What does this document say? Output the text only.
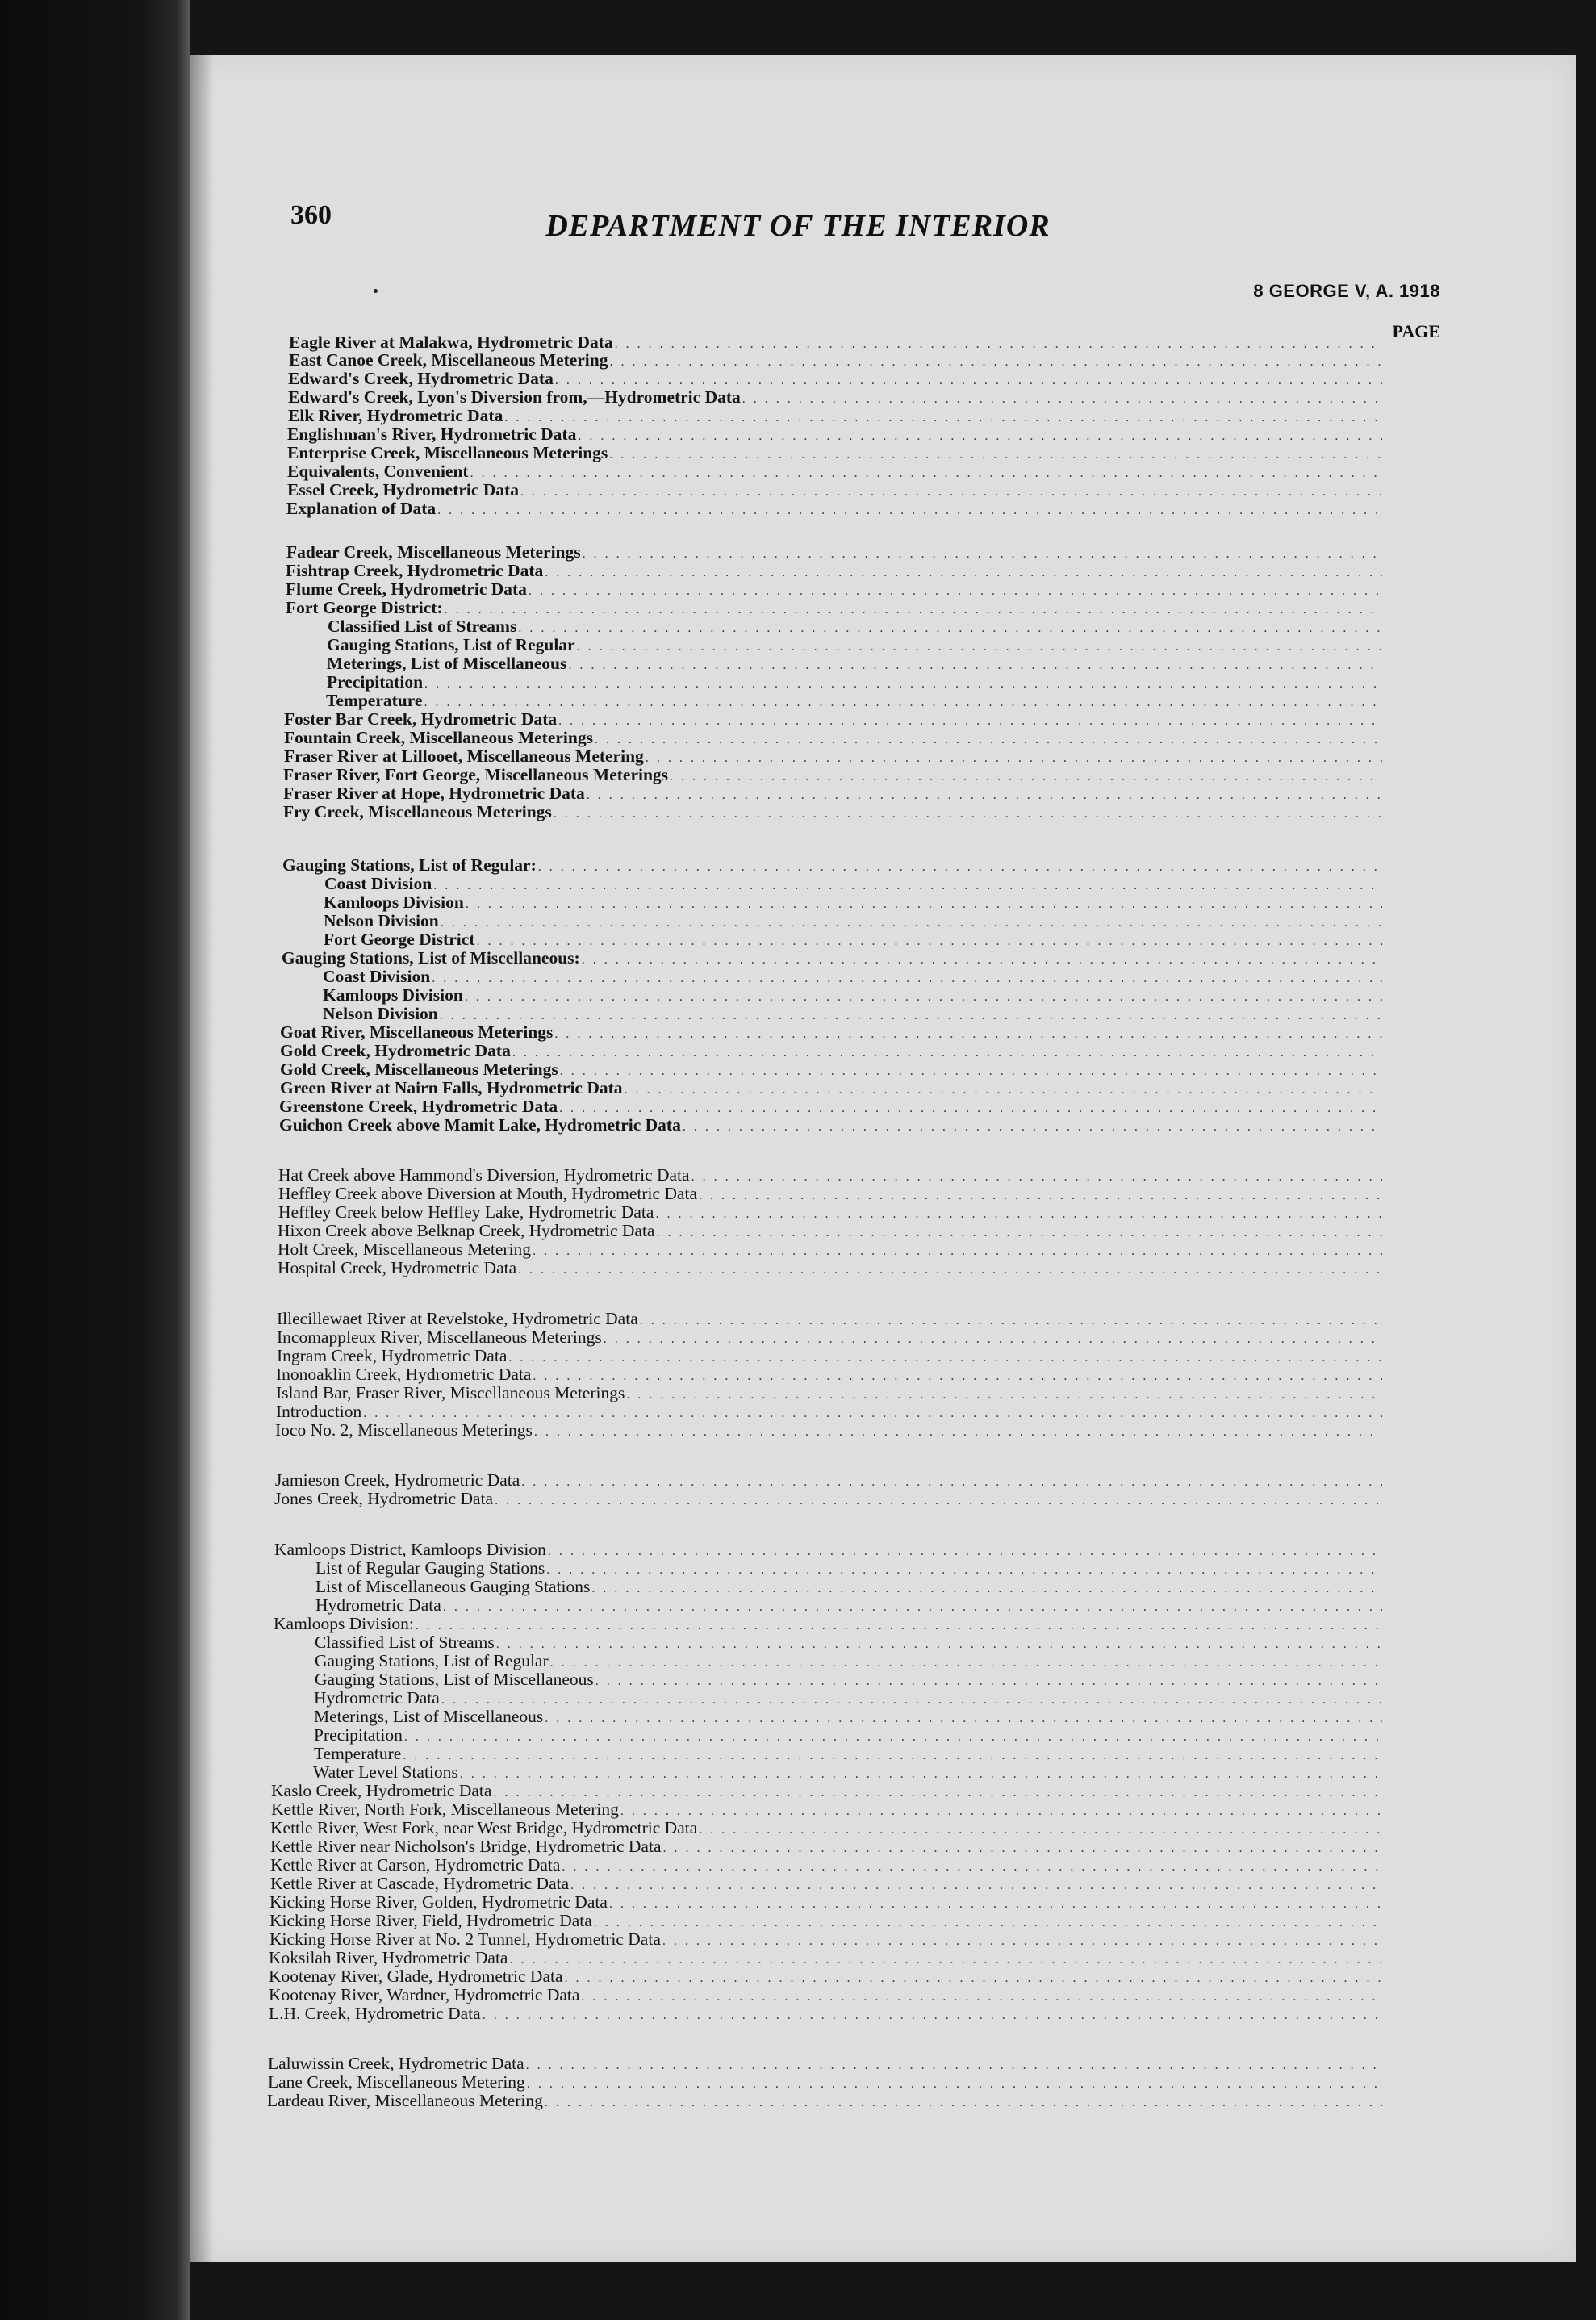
360	DEPARTMENT OF THE INTERIOR
8 GEORGE V, A. 1918
PAGE
Eagle River at Malakwa, Hydrometric Data
. . .
East Canoe Creek, Miscellaneous Metering
. . .
Edward's Creek, Hydrometric Data
. . .
Edward's Creek, Lyon's Diversion from,—Hydrometric Data
. . .
Elk River, Hydrometric Data
. . .
Englishman's River, Hydrometric Data
. . .
Enterprise Creek, Miscellaneous Meterings
. . .
Equivalents, Convenient
. . .
Essel Creek, Hydrometric Data
. . .
Explanation of Data
. . .
Fadear Creek, Miscellaneous Meterings
. . .
Fishtrap Creek, Hydrometric Data
. . .
Flume Creek, Hydrometric Data
. . .
Fort George District:
. . .
Classified List of Streams
. . .
Gauging Stations, List of Regular
. . .
Meterings, List of Miscellaneous
. . .
Precipitation
. . .
Temperature
. . .
Foster Bar Creek, Hydrometric Data
. . .
Fountain Creek, Miscellaneous Meterings
. . .
Fraser River at Lillooet, Miscellaneous Metering
. . .
Fraser River, Fort George, Miscellaneous Meterings
. . .
Fraser River at Hope, Hydrometric Data
. . .
Fry Creek, Miscellaneous Meterings
. . .
Gauging Stations, List of Regular:
. . .
Coast Division
. . .
Kamloops Division
. . .
Nelson Division
. . .
Fort George District
. . .
Gauging Stations, List of Miscellaneous:
. . .
Coast Division
. . .
Kamloops Division
. . .
Nelson Division
. . .
Goat River, Miscellaneous Meterings
. . .
Gold Creek, Hydrometric Data
. . .
Gold Creek, Miscellaneous Meterings
. . .
Green River at Nairn Falls, Hydrometric Data
. . .
Greenstone Creek, Hydrometric Data
. . .
Guichon Creek above Mamit Lake, Hydrometric Data
. . .
Hat Creek above Hammond's Diversion, Hydrometric Data
. . .
Heffley Creek above Diversion at Mouth, Hydrometric Data
. . .
Heffley Creek below Heffley Lake, Hydrometric Data
. . .
Hixon Creek above Belknap Creek, Hydrometric Data
. . .
Holt Creek, Miscellaneous Metering
. . .
Hospital Creek, Hydrometric Data
. . .
Illecillewaet River at Revelstoke, Hydrometric Data
. . .
Incomappleux River, Miscellaneous Meterings
. . .
Ingram Creek, Hydrometric Data
. . .
Inonoaklin Creek, Hydrometric Data
. . .
Island Bar, Fraser River, Miscellaneous Meterings
. . .
Introduction
. . .
Ioco No. 2, Miscellaneous Meterings
. . .
Jamieson Creek, Hydrometric Data
. . .
Jones Creek, Hydrometric Data
. . .
Kamloops District, Kamloops Division
. . .
List of Regular Gauging Stations
. . .
List of Miscellaneous Gauging Stations
. . .
Hydrometric Data
. . .
Kamloops Division:
. . .
Classified List of Streams
. . .
Gauging Stations, List of Regular
. . .
Gauging Stations, List of Miscellaneous
. . .
Hydrometric Data
. . .
Meterings, List of Miscellaneous
. . .
Precipitation
. . .
Temperature
. . .
Water Level Stations
. . .
Kaslo Creek, Hydrometric Data
. . .
Kettle River, North Fork, Miscellaneous Metering
. . .
Kettle River, West Fork, near West Bridge, Hydrometric Data
. . .
Kettle River near Nicholson's Bridge, Hydrometric Data
. . .
Kettle River at Carson, Hydrometric Data
. . .
Kettle River at Cascade, Hydrometric Data
. . .
Kicking Horse River, Golden, Hydrometric Data
. . .
Kicking Horse River, Field, Hydrometric Data
. . .
Kicking Horse River at No. 2 Tunnel, Hydrometric Data
. . .
Koksilah River, Hydrometric Data
. . .
Kootenay River, Glade, Hydrometric Data
. . .
Kootenay River, Wardner, Hydrometric Data
. . .
L.H. Creek, Hydrometric Data
. . .
Laluwissin Creek, Hydrometric Data
. . .
Lane Creek, Miscellaneous Metering
. . .
Lardeau River, Miscellaneous Metering
. . .
